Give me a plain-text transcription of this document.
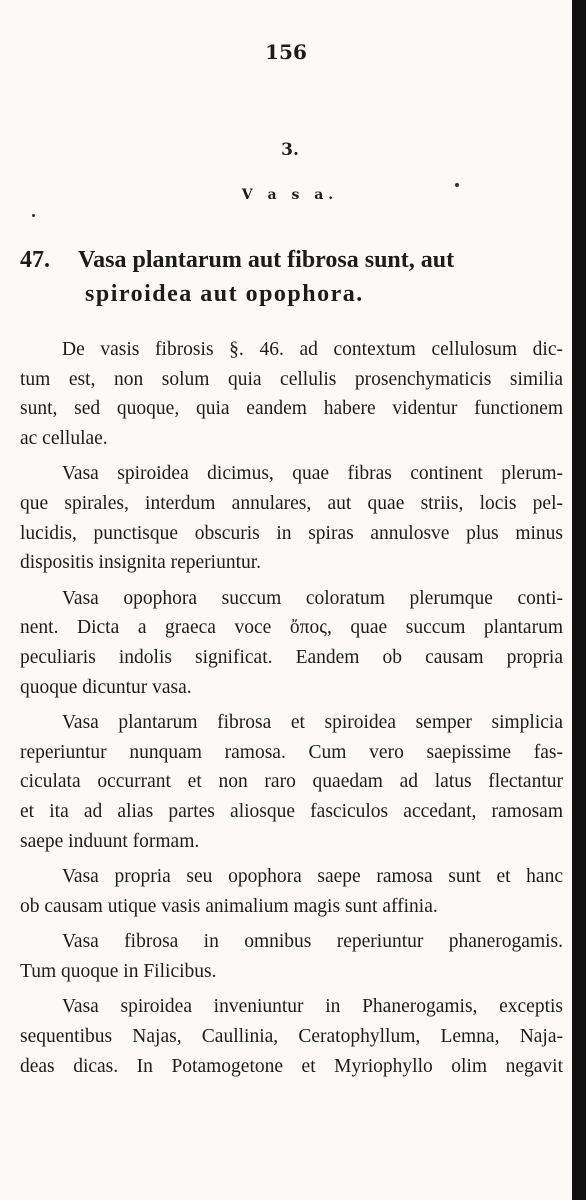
156
3.
V a s a.
47. Vasa plantarum aut fibrosa sunt, aut
spiroidea aut opophora.
De vasis fibrosis §. 46. ad contextum cellulosum dic-
tum est, non solum quia cellulis prosenchymaticis similia
sunt, sed quoque, quia eandem habere videntur functionem
ac cellulae.
Vasa spiroidea dicimus, quae fibras continent plerum-
que spirales, interdum annulares, aut quae striis, locis pel-
lucidis, punctisque obscuris in spiras annulosve plus minus
dispositis insignita reperiuntur.
Vasa opophora succum coloratum plerumque conti-
nent. Dicta a graeca voce ὄπος, quae succum plantarum
peculiaris indolis significat. Eandem ob causam propria
quoque dicuntur vasa.
Vasa plantarum fibrosa et spiroidea semper simplicia
reperiuntur nunquam ramosa. Cum vero saepissime fas-
ciculata occurrant et non raro quaedam ad latus flectantur
et ita ad alias partes aliosque fasciculos accedant, ramosam
saepe induunt formam.
Vasa propria seu opophora saepe ramosa sunt et hanc
ob causam utique vasis animalium magis sunt affinia.
Vasa fibrosa in omnibus reperiuntur phanerogamis.
Tum quoque in Filicibus.
Vasa spiroidea inveniuntur in Phanerogamis, exceptis
sequentibus Najas, Caullinia, Ceratophyllum, Lemna, Naja-
deas dicas. In Potamogetone et Myriophyllo olim negavit
